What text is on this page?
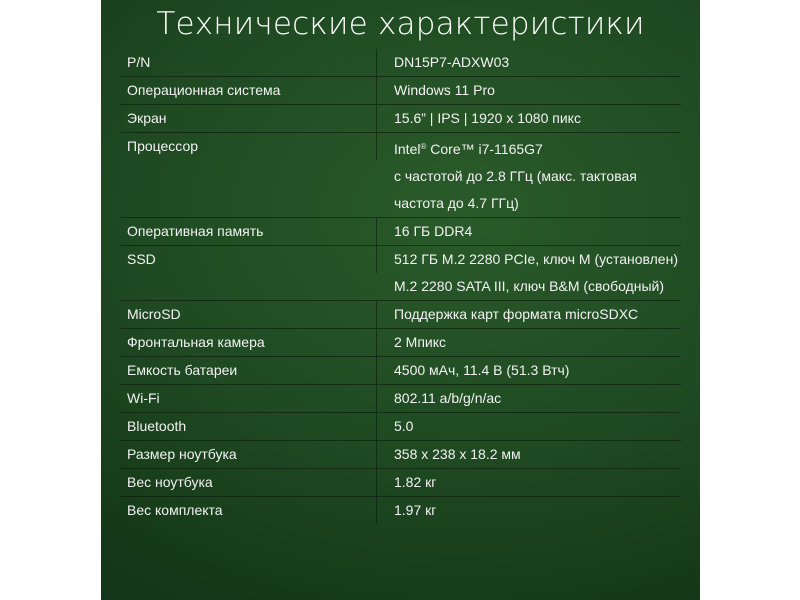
Технические характеристики
P/N	DN15P7-ADXW03
Операционная система	Windows 11 Pro
Экран	15.6” | IPS | 1920 x 1080 пикс
Процессор	Intel® Core™ i7-1165G7
с частотой до 2.8 ГГц (макс. тактовая
частота до 4.7 ГГц)
Оперативная память	16 ГБ DDR4
SSD	512 ГБ M.2 2280 PCIe, ключ M (установлен)
M.2 2280 SATA III, ключ B&M (свободный)
MicroSD	Поддержка карт формата microSDXC
Фронтальная камера	2 Мпикс
Емкость батареи	4500 мАч, 11.4 В (51.3 Втч)
Wi-Fi	802.11 a/b/g/n/ac
Bluetooth	5.0
Размер ноутбука	358 x 238 x 18.2 мм
Вес ноутбука	1.82 кг
Вес комплекта	1.97 кг
